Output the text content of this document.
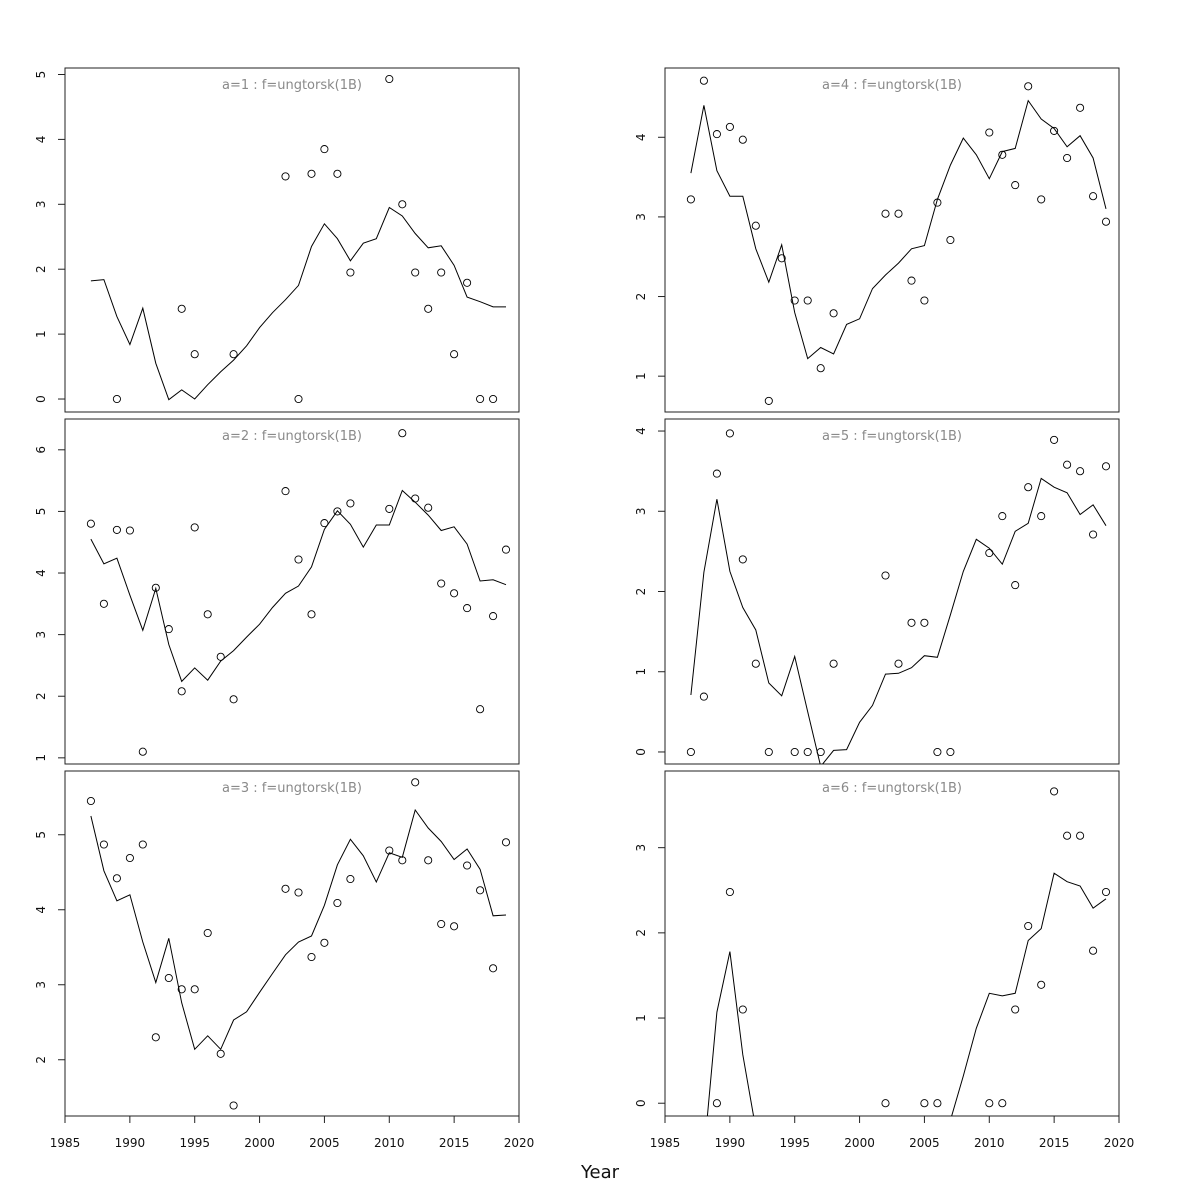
a=1 : f=ungtorsk(1B)
0
1
2
3
4
5
a=4 : f=ungtorsk(1B)
1
2
3
4
a=2 : f=ungtorsk(1B)
1
2
3
4
5
6
a=5 : f=ungtorsk(1B)
0
1
2
3
4
a=3 : f=ungtorsk(1B)
2
3
4
5
1985	1990	1995	2000	2005	2010	2015	2020
a=6 : f=ungtorsk(1B)
0
1
2
3
1985	1990	1995	2000	2005	2010	2015	2020
Year
